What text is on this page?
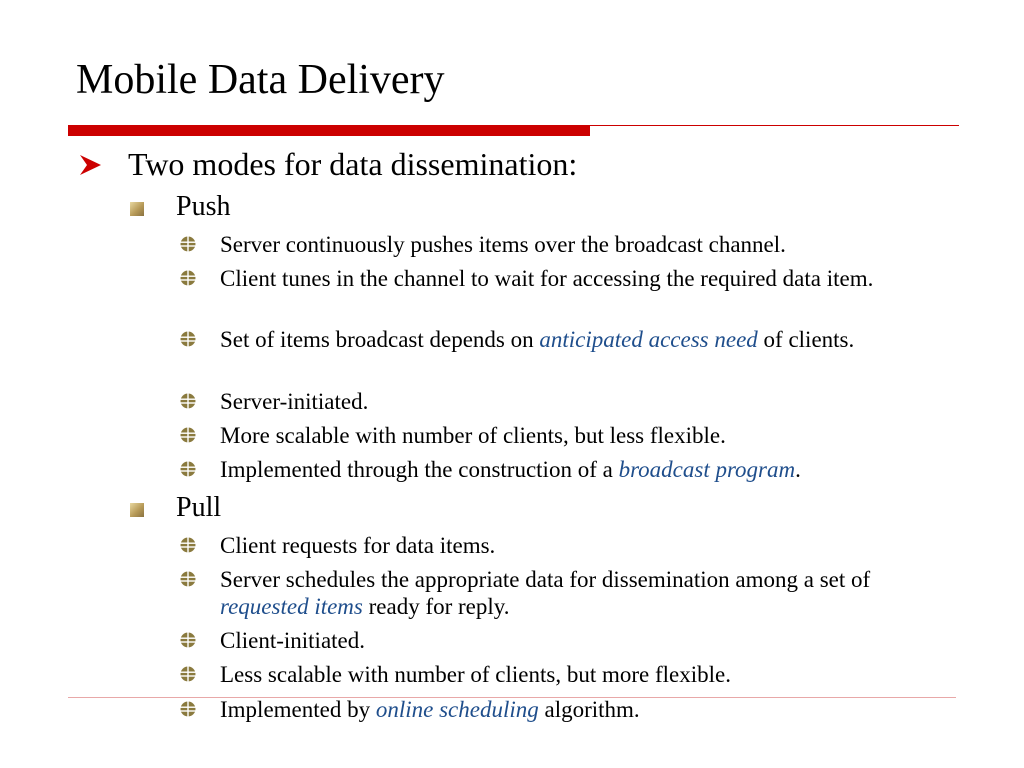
Mobile Data Delivery
Two modes for data dissemination:
Push
Server continuously pushes items over the broadcast channel.
Client tunes in the channel to wait for accessing the required data item.
Set of items broadcast depends on anticipated access need of clients.
Server-initiated.
More scalable with number of clients, but less flexible.
Implemented through the construction of a broadcast program.
Pull
Client requests for data items.
Server schedules the appropriate data for dissemination among a set of requested items ready for reply.
Client-initiated.
Less scalable with number of clients, but more flexible.
Implemented by online scheduling algorithm.
